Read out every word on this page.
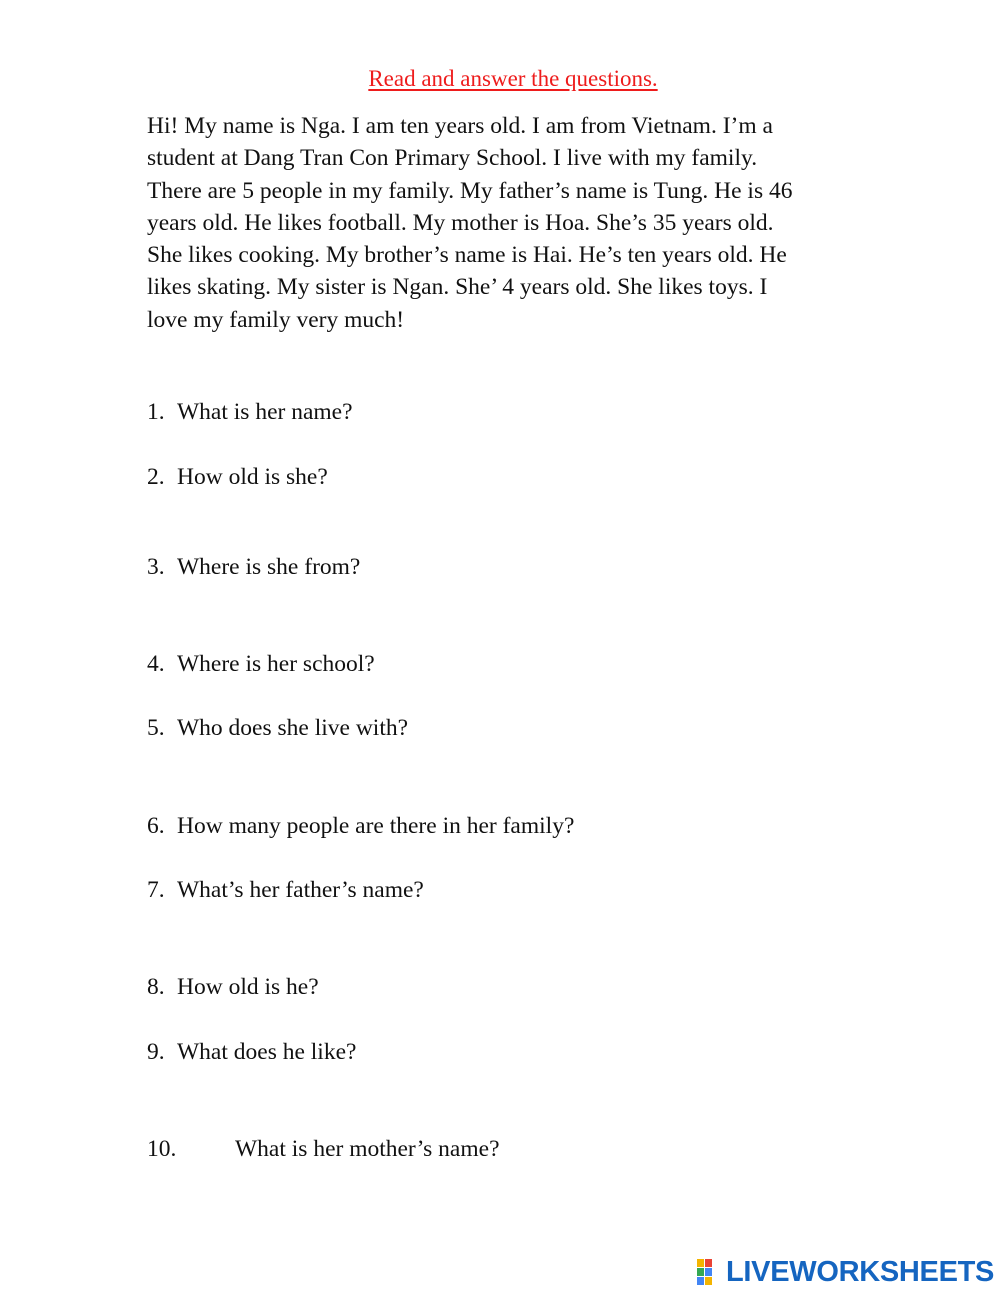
Read and answer the questions.
Hi! My name is Nga. I am ten years old. I am from Vietnam. I’m a
student at Dang Tran Con Primary School. I live with my family.
There are 5 people in my family. My father’s name is Tung. He is 46
years old. He likes football. My mother is Hoa. She’s 35 years old.
She likes cooking. My brother’s name is Hai. He’s ten years old. He
likes skating. My sister is Ngan. She’ 4 years old. She likes toys. I
love my family very much!
1. What is her name?
2. How old is she?
3. Where is she from?
4. Where is her school?
5. Who does she live with?
6. How many people are there in her family?
7. What’s her father’s name?
8. How old is he?
9. What does he like?
10. What is her mother’s name?
LIVEWORKSHEETS
